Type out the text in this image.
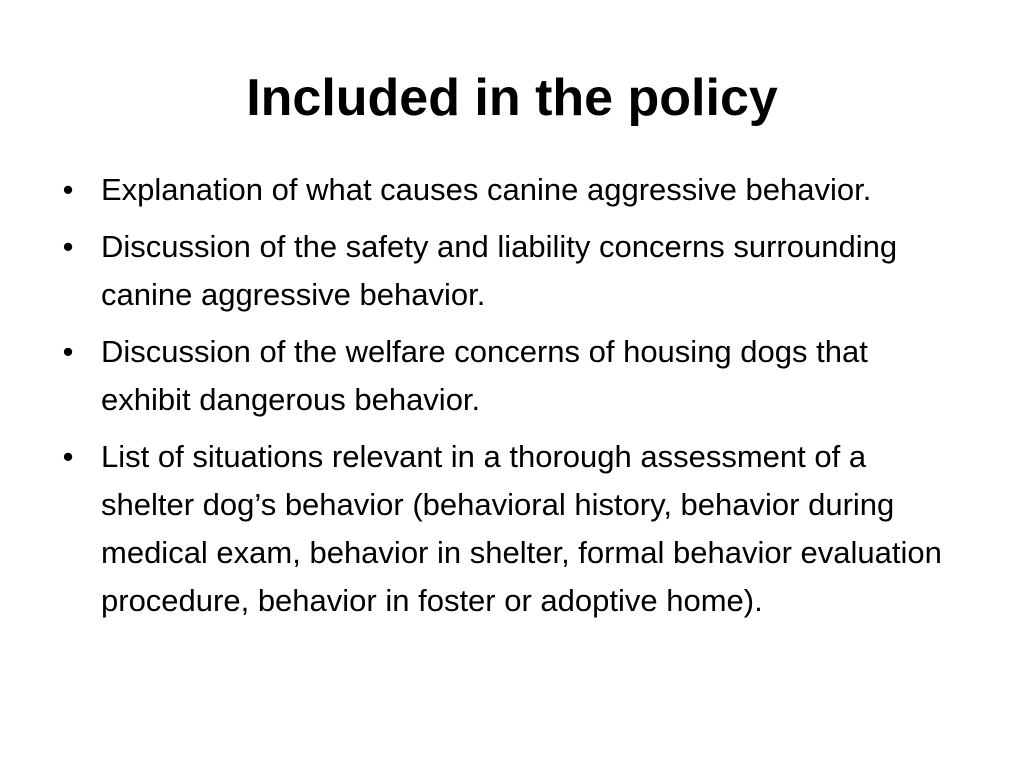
Included in the policy
• Explanation of what causes canine aggressive behavior.
• Discussion of the safety and liability concerns surrounding canine aggressive behavior.
• Discussion of the welfare concerns of housing dogs that exhibit dangerous behavior.
• List of situations relevant in a thorough assessment of a shelter dog’s behavior (behavioral history, behavior during medical exam, behavior in shelter, formal behavior evaluation procedure, behavior in foster or adoptive home).
